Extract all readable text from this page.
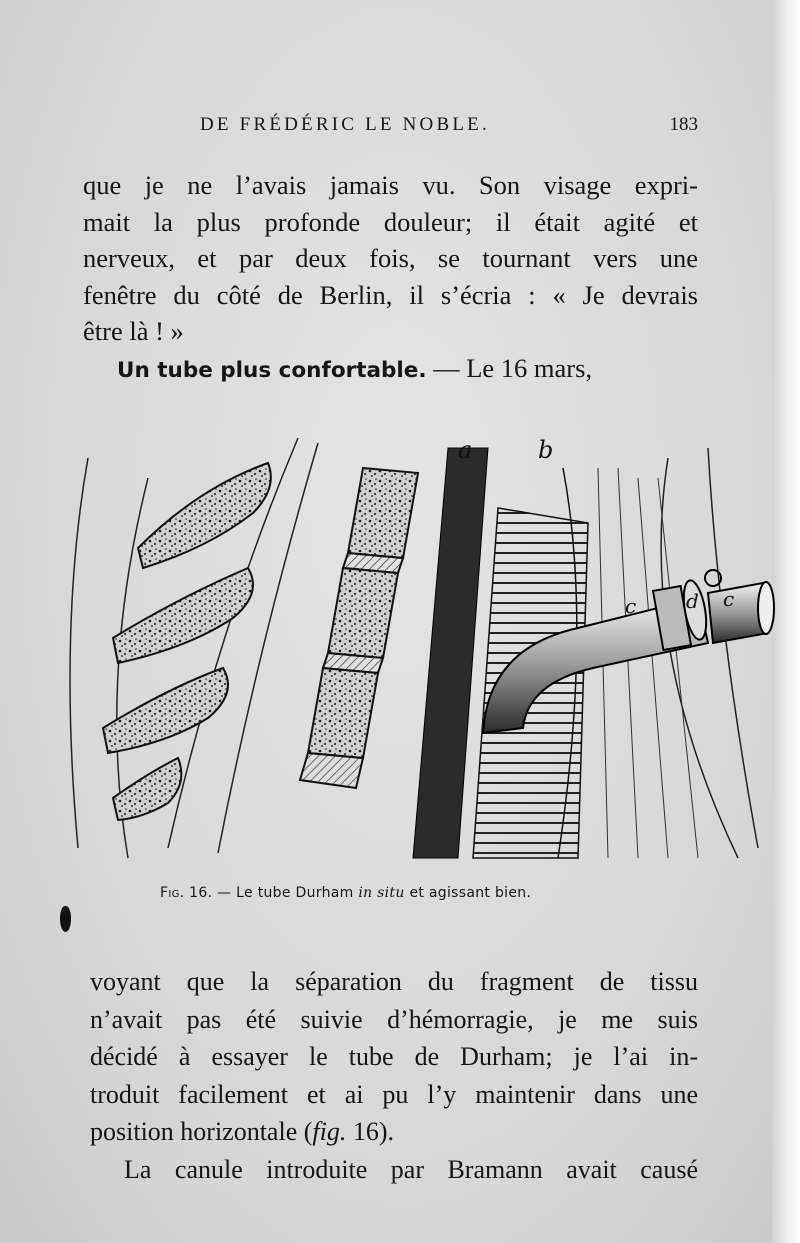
DE FRÉDÉRIC LE NOBLE.	183
que je ne l’avais jamais vu. Son visage expri-
mait la plus profonde douleur; il était agité et
nerveux, et par deux fois, se tournant vers une
fenêtre du côté de Berlin, il s’écria : « Je devrais
être là ! »
Un tube plus confortable. — Le 16 mars,
a	b
c d c
Fig. 16. — Le tube Durham in situ et agissant bien.
voyant que la séparation du fragment de tissu
n’avait pas été suivie d’hémorragie, je me suis
décidé à essayer le tube de Durham; je l’ai in-
troduit facilement et ai pu l’y maintenir dans une
position horizontale (fig. 16).
La canule introduite par Bramann avait causé
